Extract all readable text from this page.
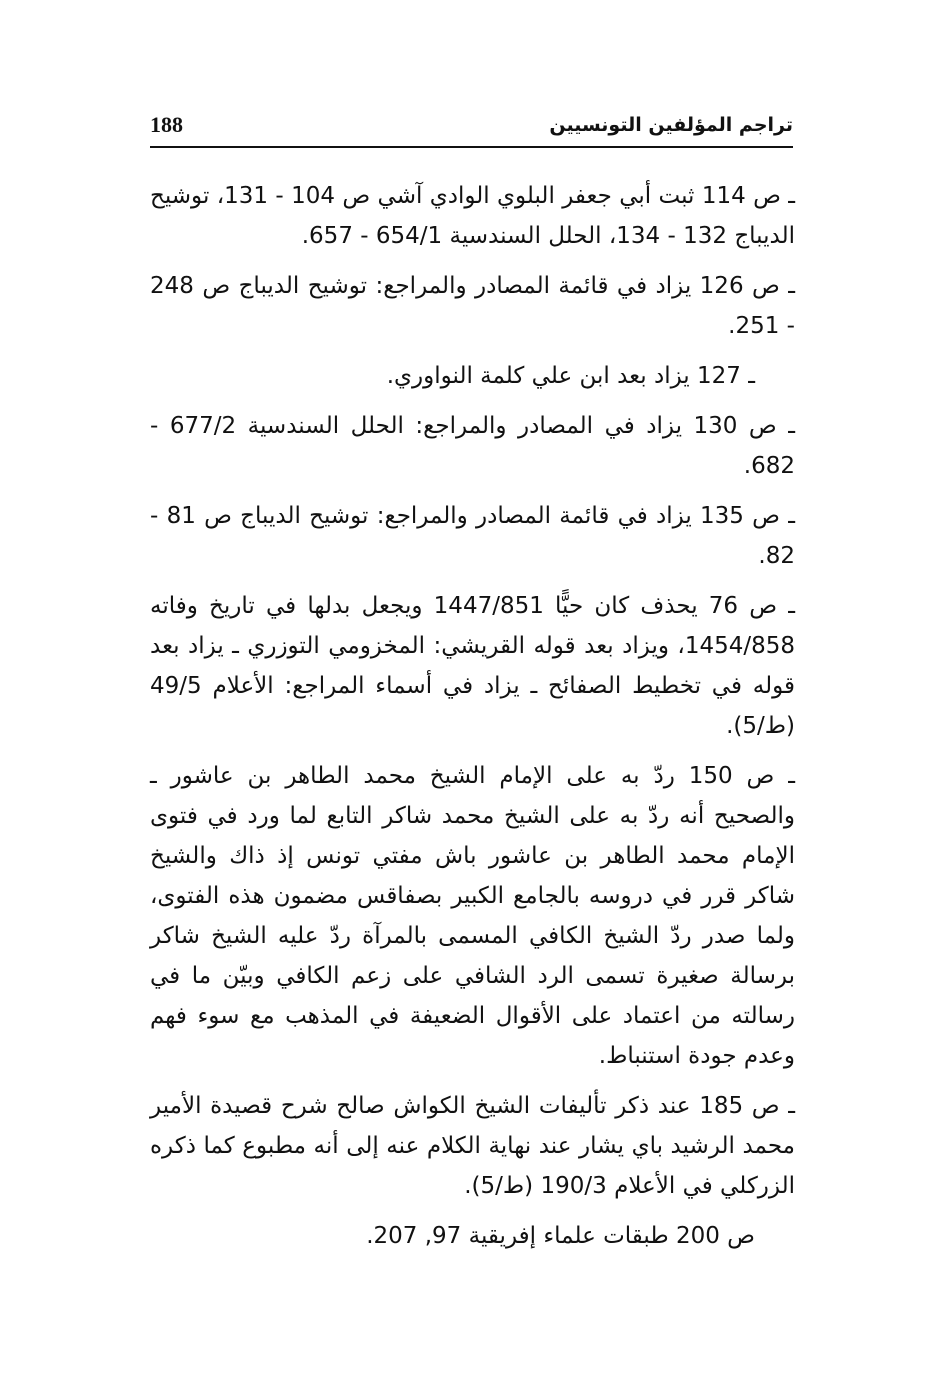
تراجم المؤلفين التونسيين
188

ـ ص 114 ثبت أبي جعفر البلوي الوادي آشي ص 104 - 131، توشيح الديباج 132 - 134، الحلل السندسية 654/1 - 657.

ـ ص 126 يزاد في قائمة المصادر والمراجع: توشيح الديباج ص 248 - 251.

ـ 127 يزاد بعد ابن علي كلمة النواوري.

ـ ص 130 يزاد في المصادر والمراجع: الحلل السندسية 677/2 - 682.

ـ ص 135 يزاد في قائمة المصادر والمراجع: توشيح الديباج ص 81 - 82.

ـ ص 76 يحذف كان حيًّا 1447/851 ويجعل بدلها في تاريخ وفاته 1454/858، ويزاد بعد قوله القريشي: المخزومي التوزري ـ يزاد بعد قوله في تخطيط الصفائح ـ يزاد في أسماء المراجع: الأعلام 49/5 (ط/5).

ـ ص 150 ردّ به على الإمام الشيخ محمد الطاهر بن عاشور ـ والصحيح أنه ردّ به على الشيخ محمد شاكر التابع لما ورد في فتوى الإمام محمد الطاهر بن عاشور باش مفتي تونس إذ ذاك والشيخ شاكر قرر في دروسه بالجامع الكبير بصفاقس مضمون هذه الفتوى، ولما صدر ردّ الشيخ الكافي المسمى بالمرآة ردّ عليه الشيخ شاكر برسالة صغيرة تسمى الرد الشافي على زعم الكافي وبيّن ما في رسالته من اعتماد على الأقوال الضعيفة في المذهب مع سوء فهم وعدم جودة استنباط.

ـ ص 185 عند ذكر تأليفات الشيخ الكواش صالح شرح قصيدة الأمير محمد الرشيد باي يشار عند نهاية الكلام عنه إلى أنه مطبوع كما ذكره الزركلي في الأعلام 190/3 (ط/5).

ص 200 طبقات علماء إفريقية 97, 207.
